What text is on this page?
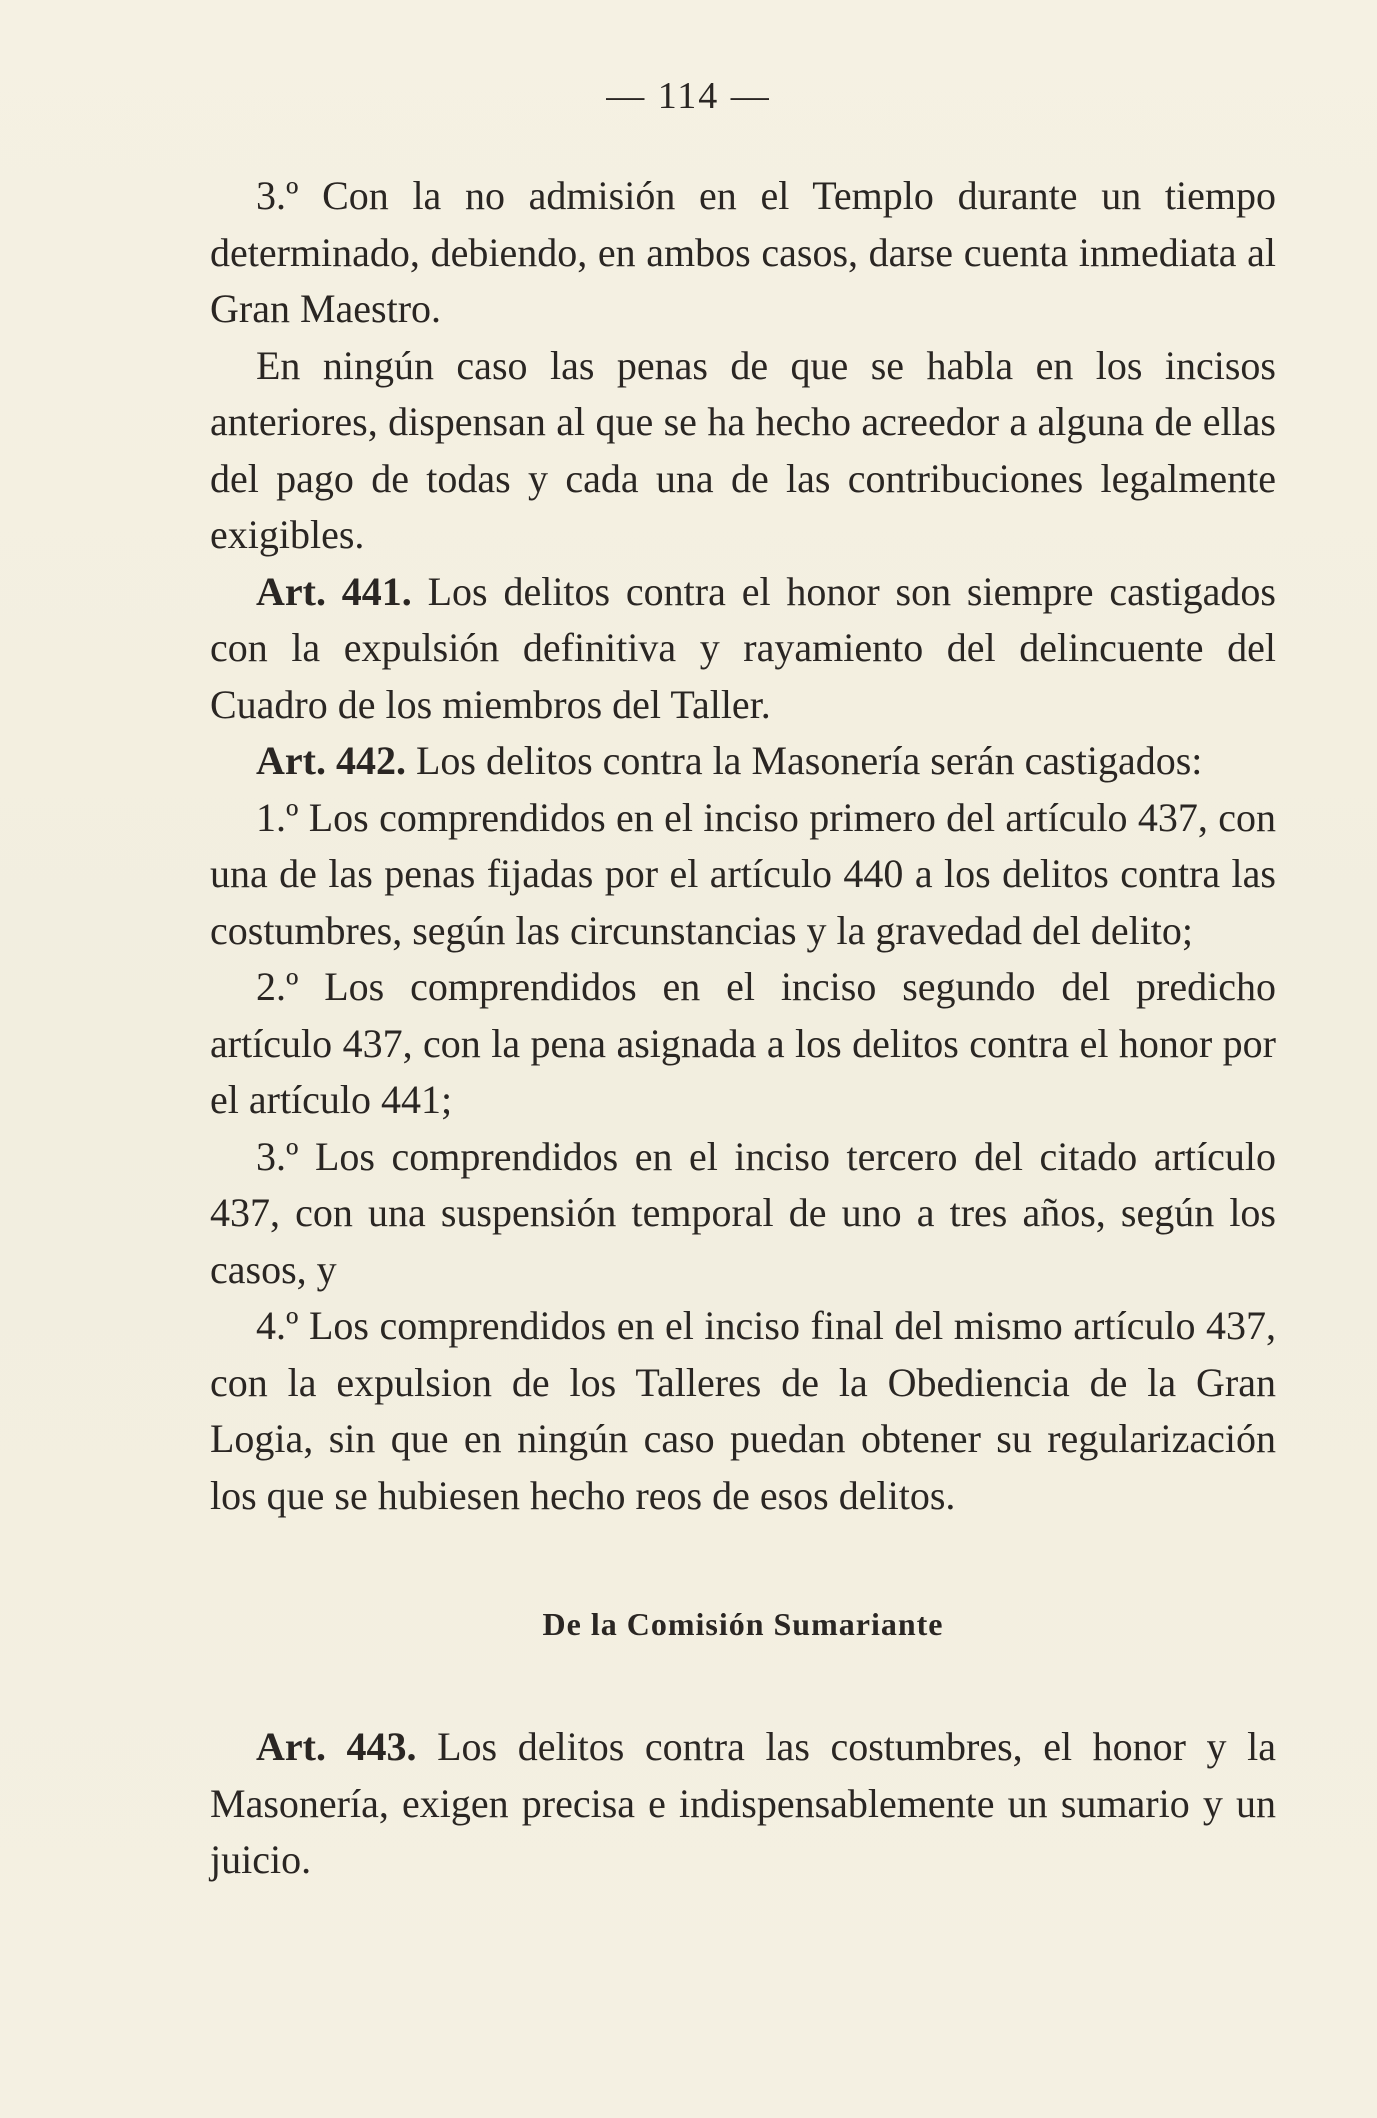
— 114 —

3.º Con la no admisión en el Templo durante un tiempo determinado, debiendo, en ambos casos, darse cuenta inmediata al Gran Maestro.

En ningún caso las penas de que se habla en los incisos anteriores, dispensan al que se ha hecho acreedor a alguna de ellas del pago de todas y cada una de las contribuciones legalmente exigibles.

Art. 441. Los delitos contra el honor son siempre castigados con la expulsión definitiva y rayamiento del delincuente del Cuadro de los miembros del Taller.

Art. 442. Los delitos contra la Masonería serán castigados:

1.º Los comprendidos en el inciso primero del artículo 437, con una de las penas fijadas por el artículo 440 a los delitos contra las costumbres, según las circunstancias y la gravedad del delito;

2.º Los comprendidos en el inciso segundo del predicho artículo 437, con la pena asignada a los delitos contra el honor por el artículo 441;

3.º Los comprendidos en el inciso tercero del citado artículo 437, con una suspensión temporal de uno a tres años, según los casos, y

4.º Los comprendidos en el inciso final del mismo artículo 437, con la expulsion de los Talleres de la Obediencia de la Gran Logia, sin que en ningún caso puedan obtener su regularización los que se hubiesen hecho reos de esos delitos.

De la Comisión Sumariante

Art. 443. Los delitos contra las costumbres, el honor y la Masonería, exigen precisa e indispensablemente un sumario y un juicio.
